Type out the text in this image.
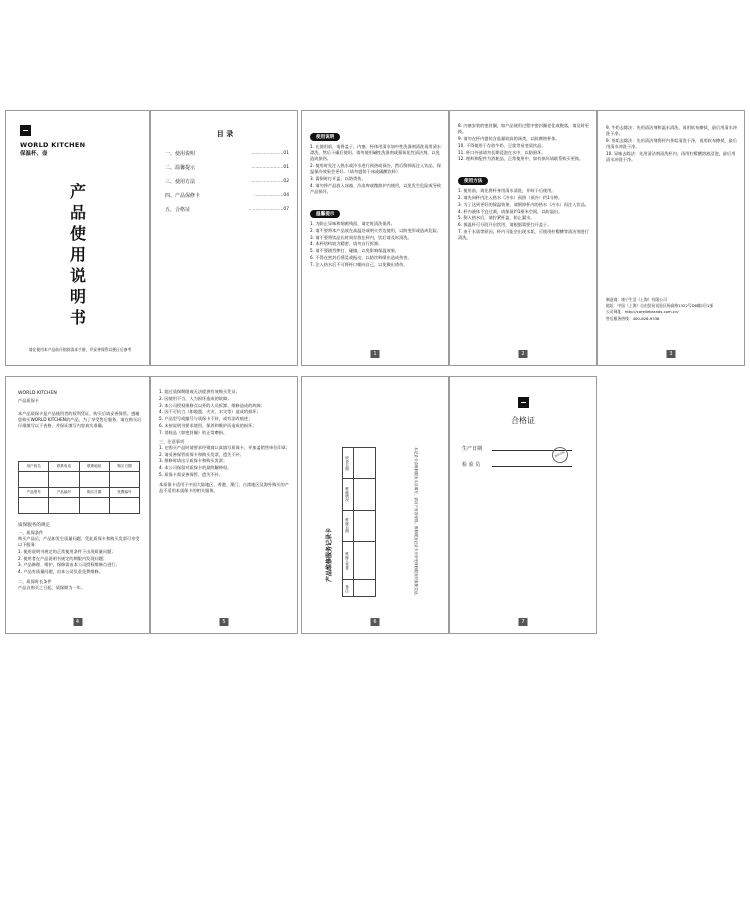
WORLD KITCHEN
保温杯、壶
产
品
使
用
说
明
书
请在使用本产品前仔细阅读本手册，并妥善保管以便日后参考
目 录
一、使用说明	.......................01
二、温馨提示	.......................01
三、使用方法	.......................02
四、产品保修卡	.....................04
五、合格证	.........................07
使用说明
1. 在使用前，请将盖子、内塞、杯体用清水加中性洗涤剂清洗再用清水漂洗，然后干燥后使用。请勿使用碱性洗涤剂或强氧化性清洁剂，以免造成损伤。
2. 使用时先注入热水或冷水进行预热或预冷，然后倒掉再注入饮品，保温保冷效果会更好。（请勿盛装干冰或碳酸饮料）
3. 需倒时打开盖，以防烫伤。
4. 请勿将产品放入冰箱、冷冻库或微波炉内使用，以免发生危险或导致产品损坏。
温馨提示
1. 为防止异味和细菌残留，请定时清洗保养。
2. 请不要将本产品放在高温处或明火旁边使用，以防变形或造成危险。
3. 请不要将饮品长时间存放在杯内，饮后请及时清洗。
4. 本杯结构较为精密，请勿自行拆卸。
5. 请不要剧烈摔打、碰撞，以免影响保温效果。
6. 不得在密封后摇晃或振动，以防饮料喷出造成伤害。
7. 注入热水后不可将杯口朝向自己，以免溅出烫伤。
1
8. 内塞安装的密封圈，如产品使用过程中密封圈老化或脱落，请及时更换。
9. 请勿在杯内盛装含盐量较高的汤类，以防腐蚀杯体。
10. 不得使用于存放牛奶、豆浆等易变质饮品。
11. 杯口外部请勿长期浸泡在水中，以防损坏。
12. 理料和配件为消耗品，正常使用中，如有损坏请联系购买更换。
使用方法
1. 使用前，请先将杯身用清水清洗，并晾干后使用。
2. 请先向杯内注入热水（冷水）预热（预冷）约1分钟。
3. 为了达到更好的保温效果，请倒掉杯内的热水（冷水）再注入饮品。
4. 杯内液体不宜过满，请保留约1厘米空间，以防溢出。
5. 倒入热水后，请拧紧杯盖，防止漏水。
6. 保温杯可分段开启饮用，请根据需要打开盖子。
7. 由于水质等原因，杯内可能会出现水垢，可使用柠檬酸等清洁剂进行清洗。
2
9. 牛奶去除法：先用清洁剂和温水清洗，再用软布擦拭，最后用清水冲洗干净。
9. 茶垢去除法：先用清洁剂将杯内茶垢清洗干净，再用软布擦拭，最后用清水冲洗干净。
10. 异味去除法：先用清洁剂清洗杯内，再用柠檬酸溶液浸泡，最后用清水冲洗干净。
制造商：康宁生活（上海）有限公司
地址：中国（上海）自由贸易试验区杨高路1322号D6幢1层1部
公司网址：http://corellebrands.com.cn/
售后服务热线：400-826-9338
3
WORLD KITCHEN
产品质保卡
本产品质保卡是产品使用者的权利凭证，购买后请妥善保管。感谢您购买WORLD KITCHEN的产品，为了享受售后服务，请在购买后仔细填写以下表格，并保证填写内容真实准确。
用户姓名	联系电话	联系地址	购买日期

产品型号	产品编号	购买日期	发票编号

质保服务的规定
一、质保条件
购买产品后，产品如发生质量问题，凭此质保卡和购买发票可享受以下服务：
1. 使用说明书规定的正常使用条件下出现质量问题；
2. 使用者在产品说明书规定的期限内发现问题；
3. 产品修理、维护、保修需由本公司授权维修点进行；
4. 产品有质量问题，由本公司负责免费维修。
二、质保时长条件
产品自购买之日起，质保期为一年。
4
1. 超过质保期限或无法提供有效购买凭证；
2. 因使用不当、人为损坏造成的故障；
3. 本公司授权维修点以外的人员拆卸、维修造成的故障；
4. 因不可抗力（如地震、火灾、水灾等）造成的损坏；
5. 产品型号或编号与质保卡不符，或有涂改痕迹；
6. 未按说明书要求使用、保养和维护而造成的损坏；
7. 消耗品（如密封圈）的正常磨损。
三、注意事项
1. 在购买产品时请要求经销商认真填写质保卡，并加盖销售单位印章；
2. 请妥善保管质保卡和购买发票，遗失不补；
3. 维修时请出示质保卡和购买发票；
4. 本公司保留对质保卡的最终解释权。
5. 质保卡需妥善保管，遗失不补。
本质保卡适用于中国大陆地区，香港、澳门、台湾地区及海外购买的产品不适用本质保卡的相关服务。
5
产品维修服务记录卡
收货日期	
维修情况	
维修日期	
维修人签章	
备注		本记录卡由维修服务人员填写，请用户妥善保管。维修服务记录卡为享受保修服务的重要凭证。
6
合格证
生产日期
检 验 员
检验合格
7
